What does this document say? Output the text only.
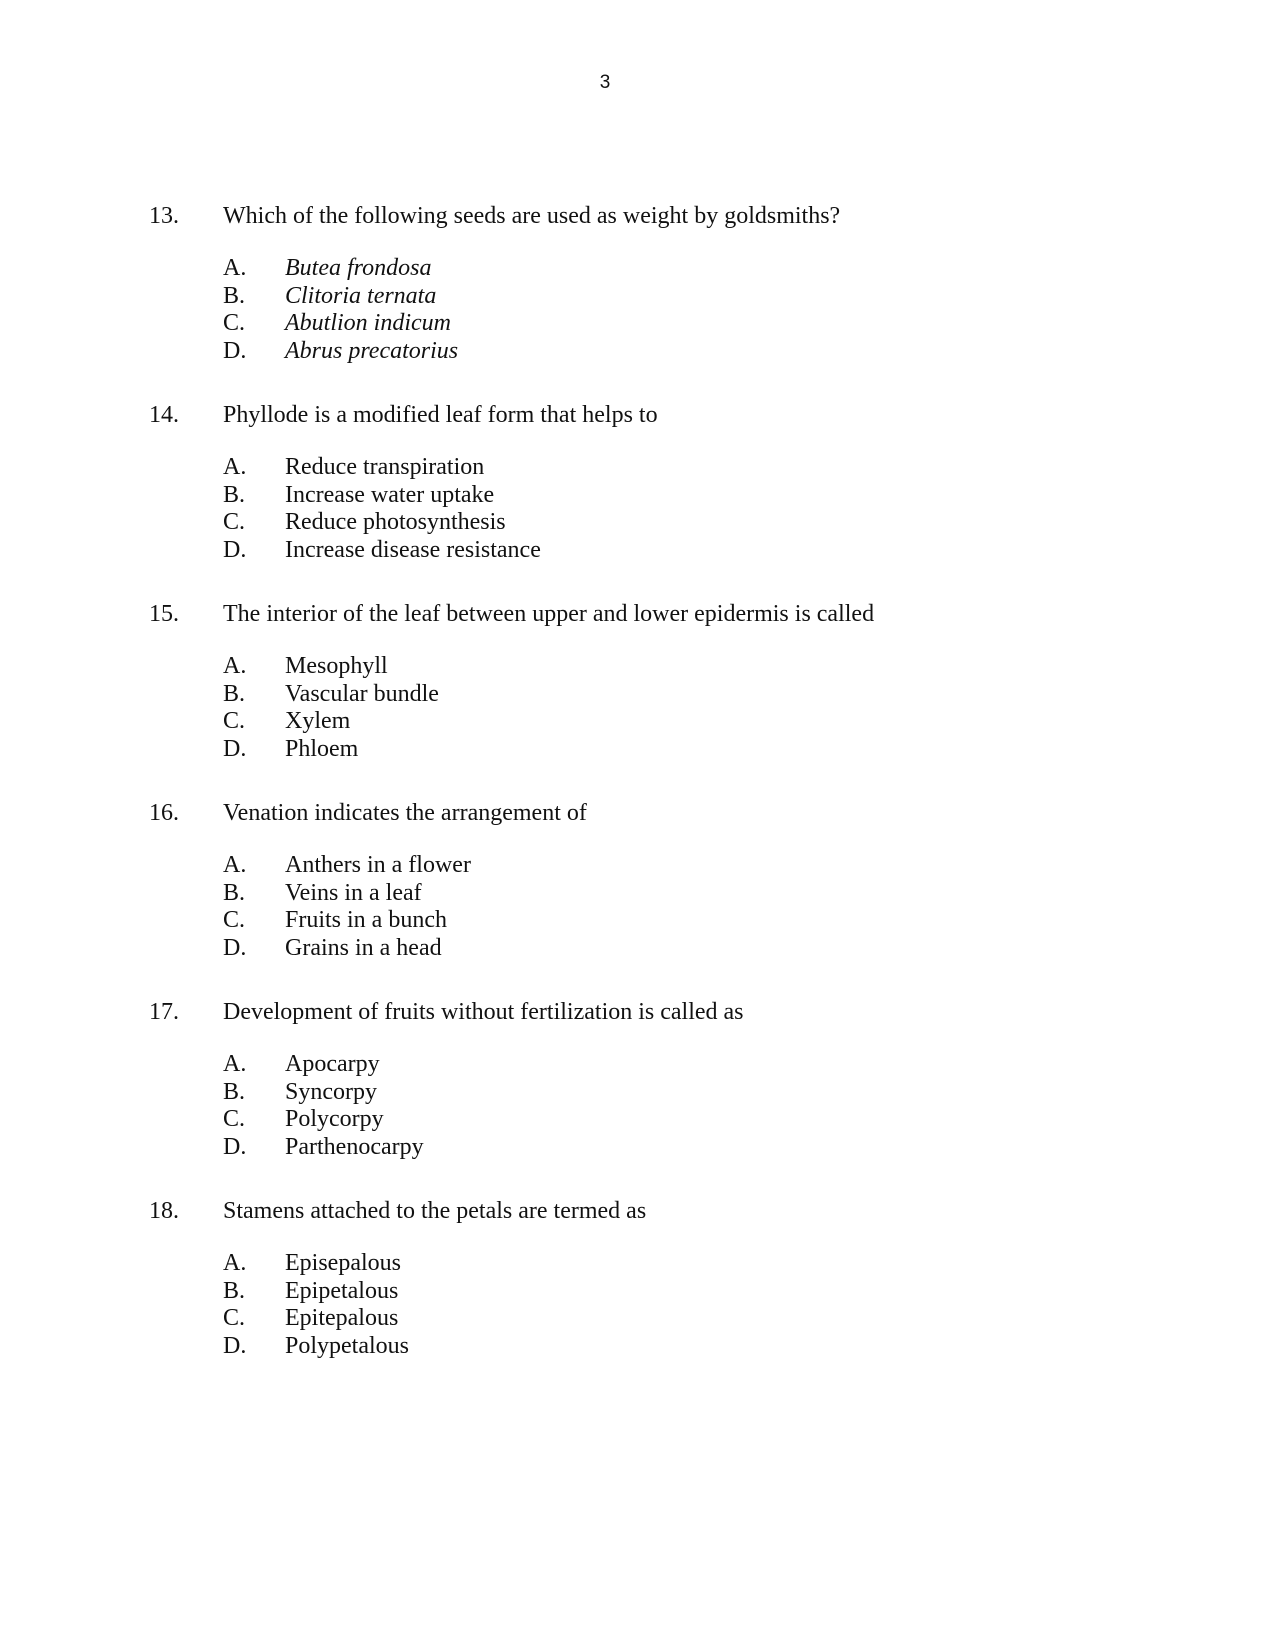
3
13.	Which of the following seeds are used as weight by goldsmiths?
A.	Butea frondosa
B.	Clitoria ternata
C.	Abutlion indicum
D.	Abrus precatorius
14.	Phyllode is a modified leaf form that helps to
A.	Reduce transpiration
B.	Increase water uptake
C.	Reduce photosynthesis
D.	Increase disease resistance
15.	The interior of the leaf between upper and lower epidermis is called
A.	Mesophyll
B.	Vascular bundle
C.	Xylem
D.	Phloem
16.	Venation indicates the arrangement of
A.	Anthers in a flower
B.	Veins in a leaf
C.	Fruits in a bunch
D.	Grains in a head
17.	Development of fruits without fertilization is called as
A.	Apocarpy
B.	Syncorpy
C.	Polycorpy
D.	Parthenocarpy
18.	Stamens attached to the petals are termed as
A.	Episepalous
B.	Epipetalous
C.	Epitepalous
D.	Polypetalous
